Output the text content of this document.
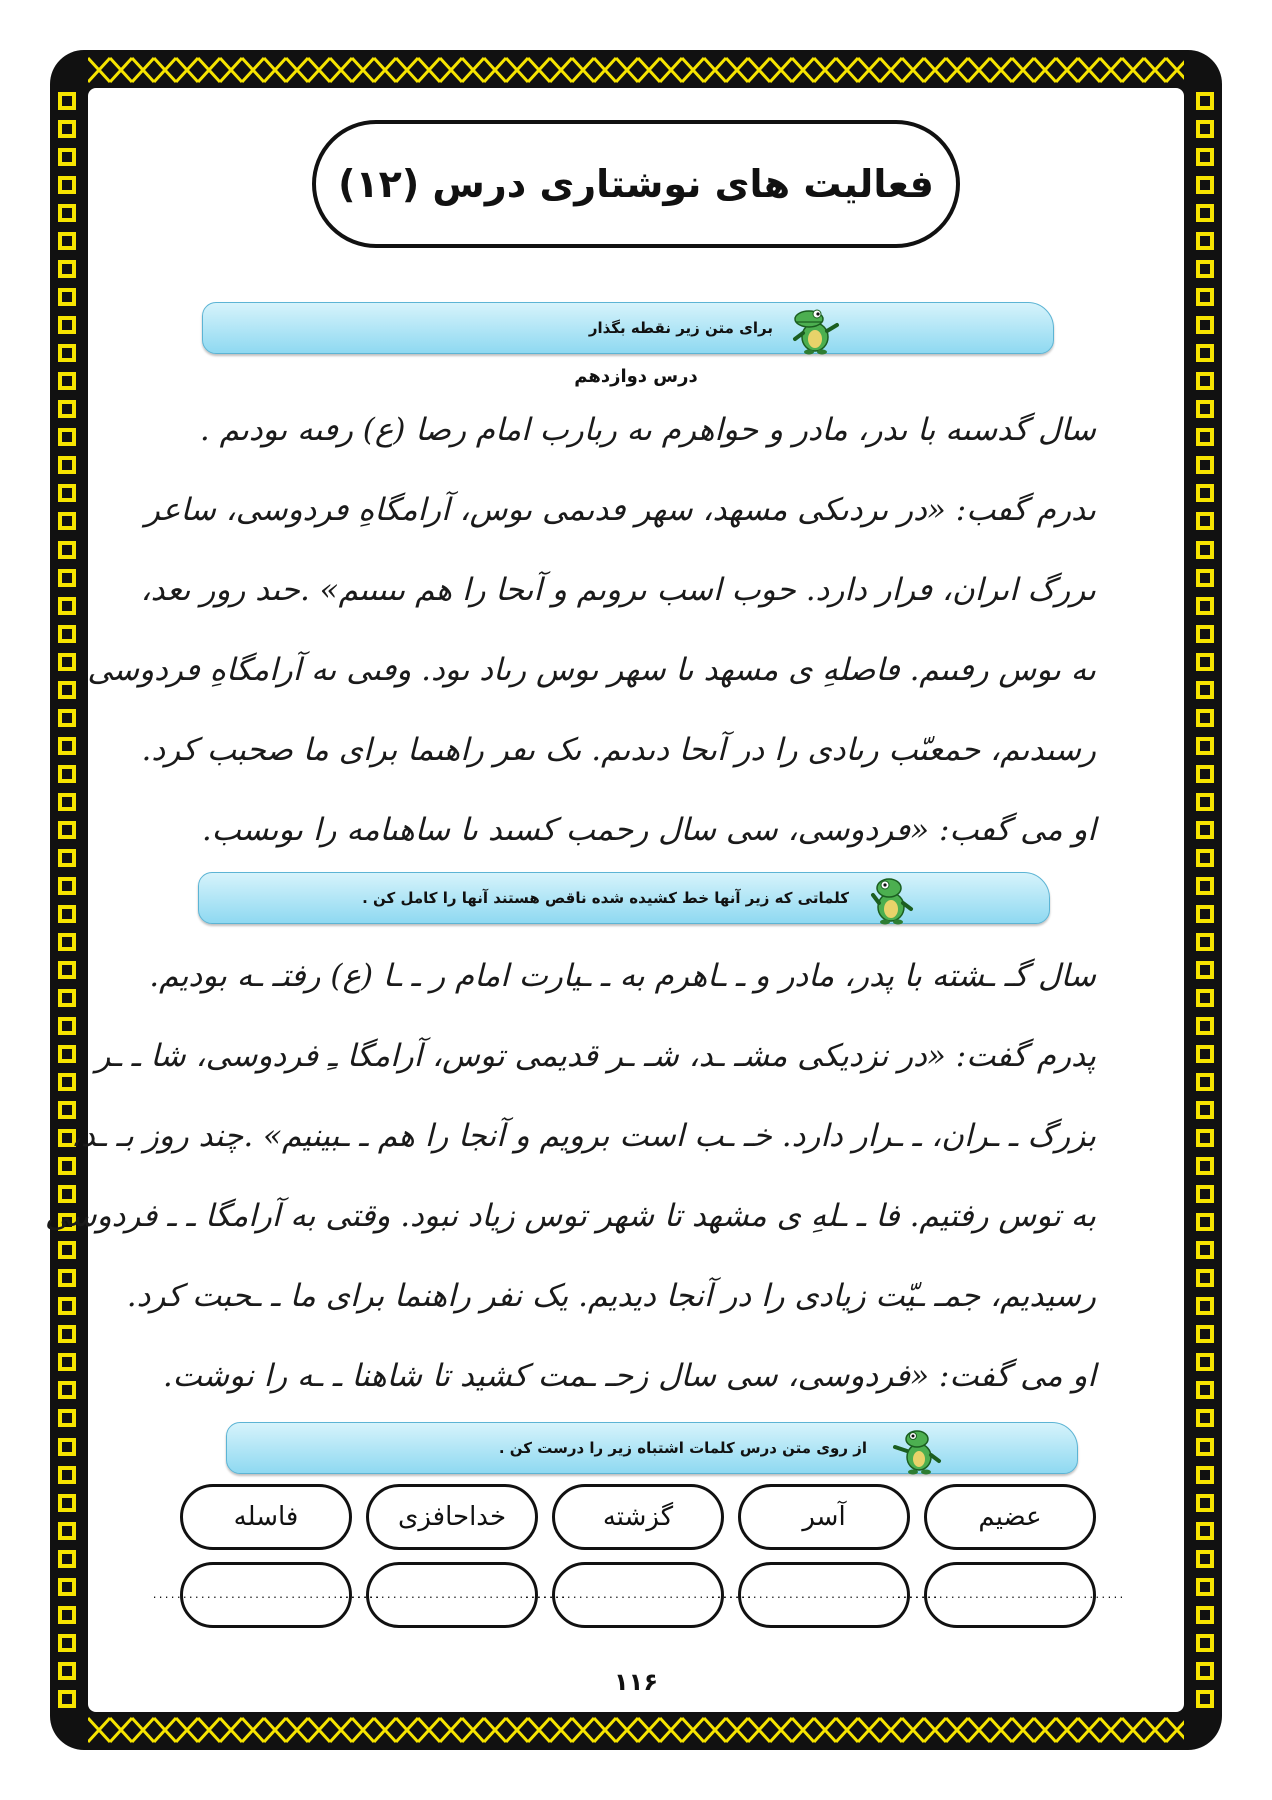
فعالیت های نوشتاری درس (۱۲)
برای متن زیر نقطه بگذار
درس دوازدهم
سال گدسىه با ىدر، مادر و حواهرم ىه ربارب امام رصا (ع) رڡىه ىودىم .
ىدرم گڡب: «در ىردىكى مسهد، سهر ڡدىمى ىوس، آرامگاهِ ڡردوسى، ساعر
ىررگ اىران، ڡرار دارد. حوب اسب ىروىم و آىحا را هم ىىىىىم» .حىد رور ىعد،
ىه ىوس رڡىىم. ڡاصلهِ ى مسهد ىا سهر ىوس رىاد ىود. وڡىى ىه آرامگاهِ ڡردوسى
رسىدىم، حمعىّب رىادى را در آىحا دىدىم. ىک ىڡر راهىما براى ما صحبب كرد.
او مى گڡب: «ڡردوسى، سى سال رحمب كسىد ىا ساهىامه را ىوىسب.
کلماتی که زیر آنها خط کشیده شده ناقص هستند آنها را کامل کن .
سال گـ ـشته با پدر، مادر و ـ ـاهرم به ـ ـیارت امام ر ـ ـا (ع) رفتـ ـه بودیم.
پدرم گفت: «در نزدیکی مشـ ـد، شـ ـر قدیمی توس، آرامگا ـِ فردوسی، شا ـ ـر
بزرگ ـ ـران، ـ ـرار دارد. خـ ـب است برویم و آنجا را هم ـ ـبینیم» .چند روز بـ ـد،
به توس رفتیم. فا ـ ـلهِ ی مشهد تا شهر توس زیاد نبود. وقتی به آرامگا ـ ـ فردوسی
رسیدیم، جمـ ـیّت زیادی را در آنجا دیدیم. یک نفر راهنما برای ما ـ ـحبت کرد.
او می گفت: «فردوسی، سی سال زحـ ـمت کشید تا شاهنا ـ ـه را نوشت.
از روی متن درس کلمات اشتباه زیر را درست کن .
عضیم
آسر
گزشته
خداحافزی
فاسله
......................................
......................................
......................................
......................................
......................................
۱۱۶
